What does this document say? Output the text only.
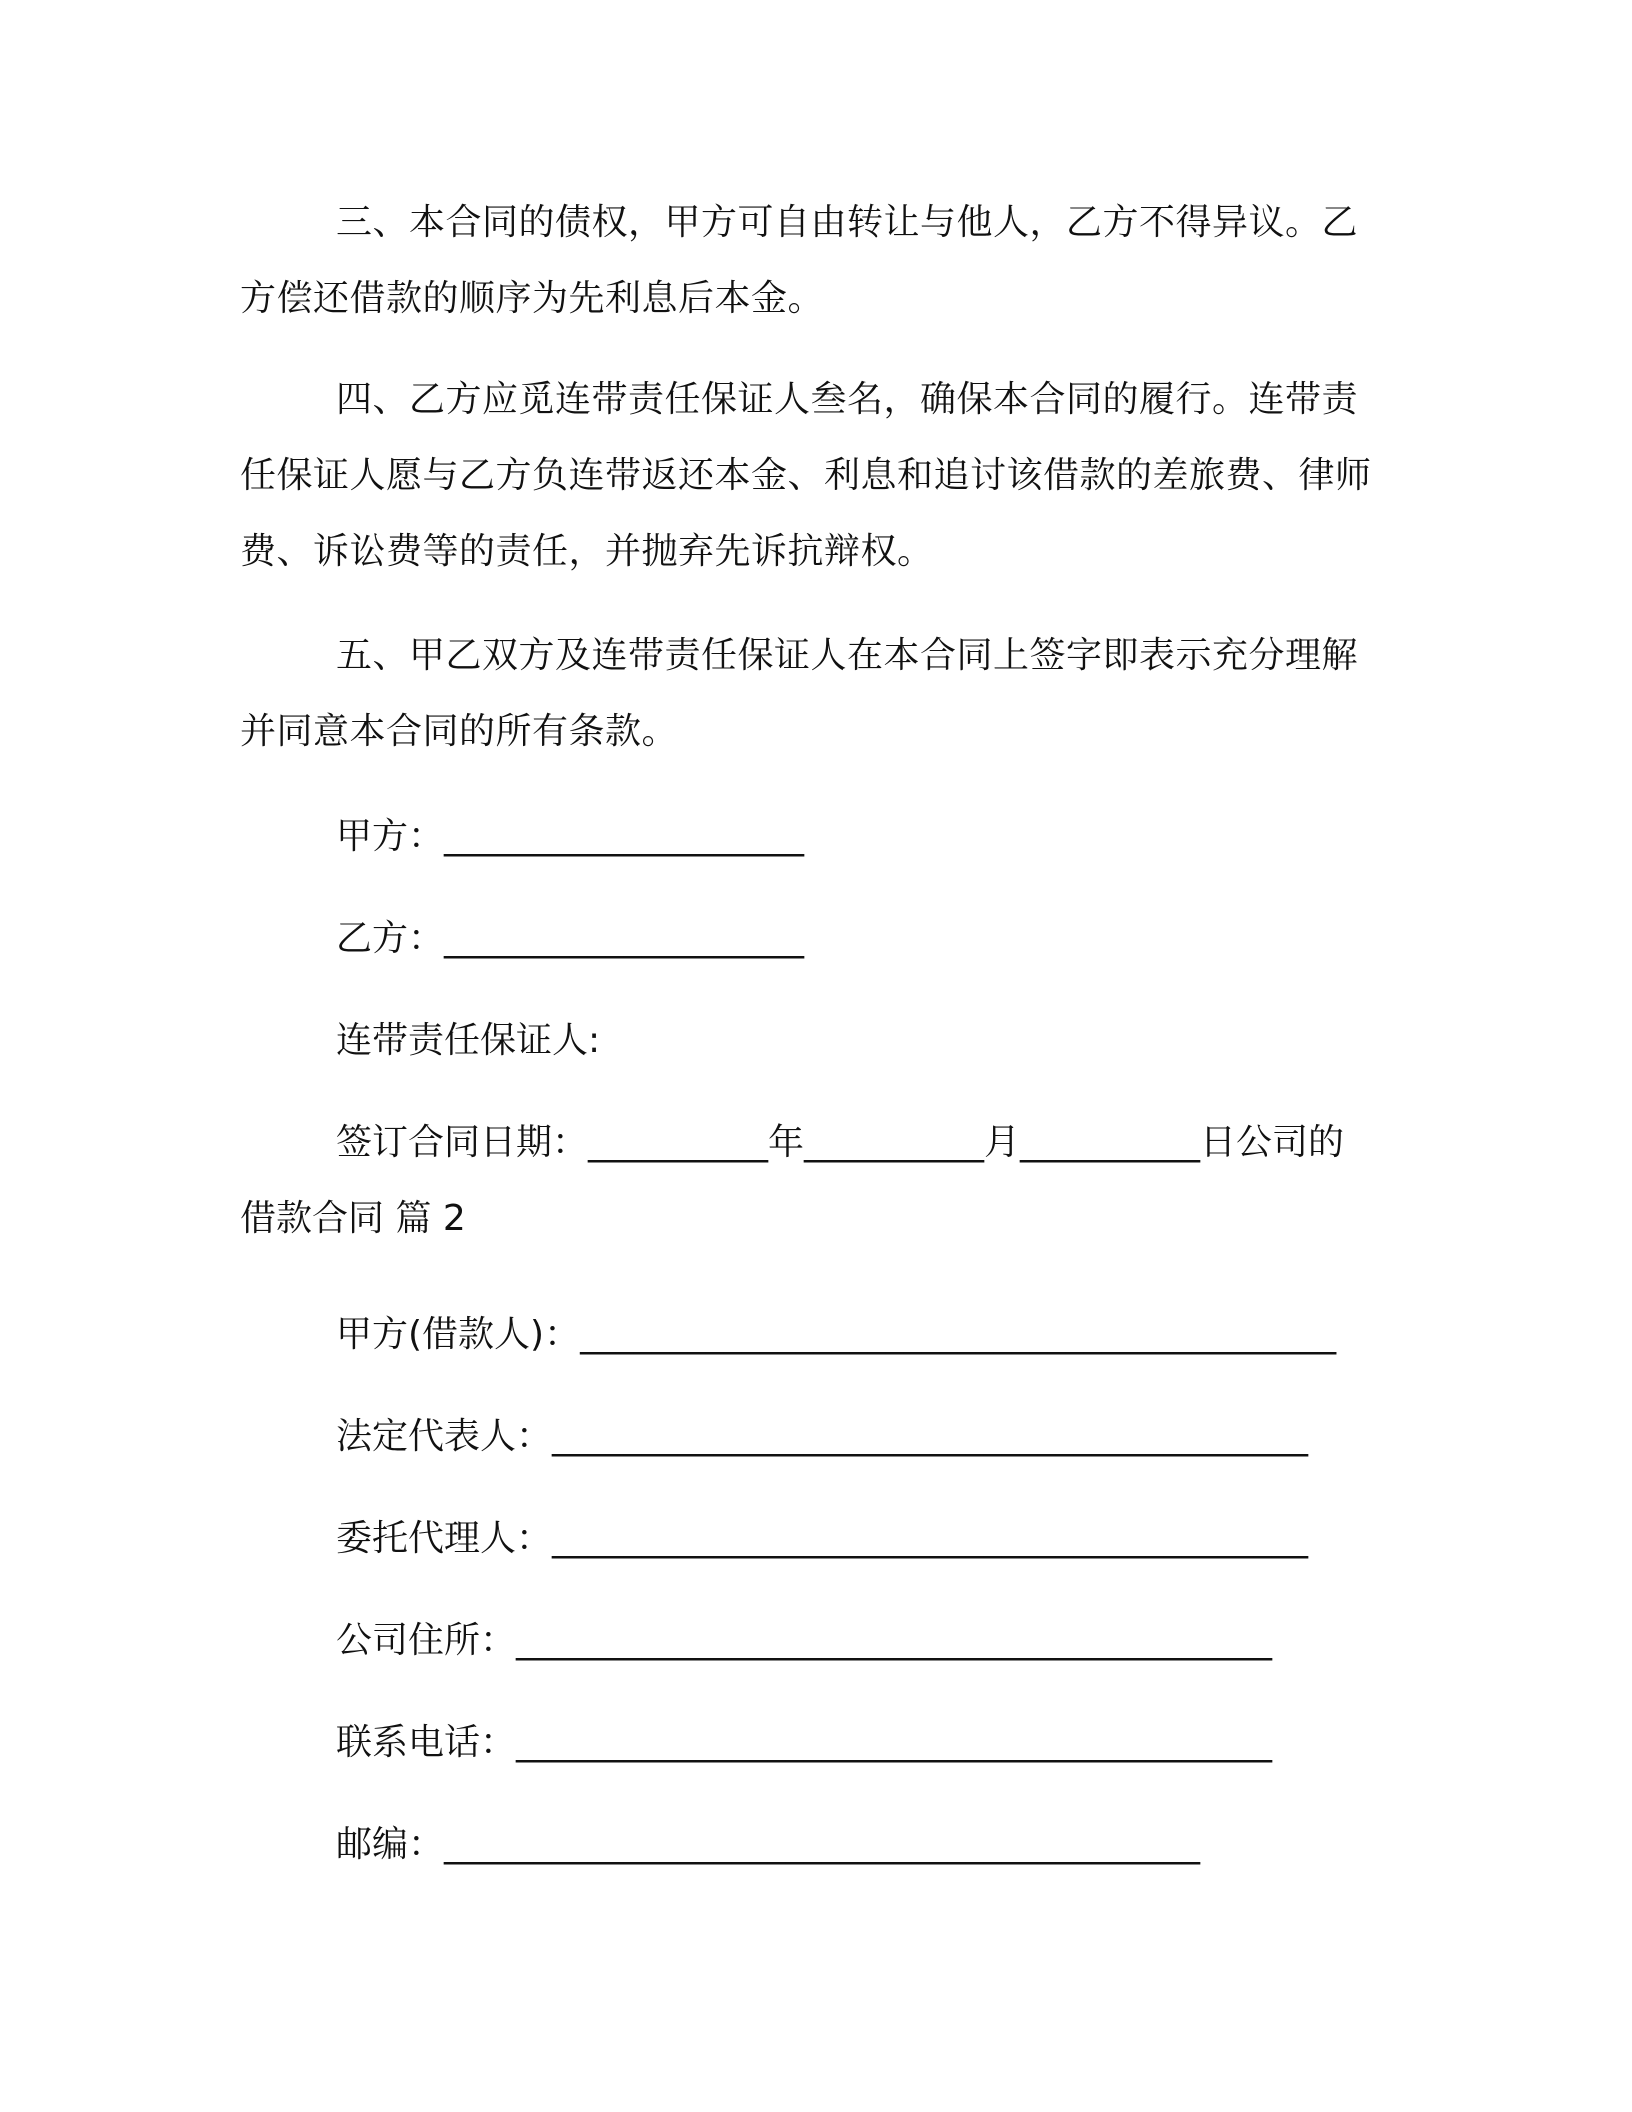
三、本合同的债权，甲方可自由转让与他人，乙方不得异议。乙方偿还借款的顺序为先利息后本金。
四、乙方应觅连带责任保证人叁名，确保本合同的履行。连带责任保证人愿与乙方负连带返还本金、利息和追讨该借款的差旅费、律师费、诉讼费等的责任，并抛弃先诉抗辩权。
五、甲乙双方及连带责任保证人在本合同上签字即表示充分理解并同意本合同的所有条款。
甲方：____________________
乙方：____________________
连带责任保证人:
签订合同日期：__________年__________月__________日公司的
借款合同 篇 2
甲方(借款人)：__________________________________________
法定代表人：__________________________________________
委托代理人：__________________________________________
公司住所：__________________________________________
联系电话：__________________________________________
邮编：__________________________________________
